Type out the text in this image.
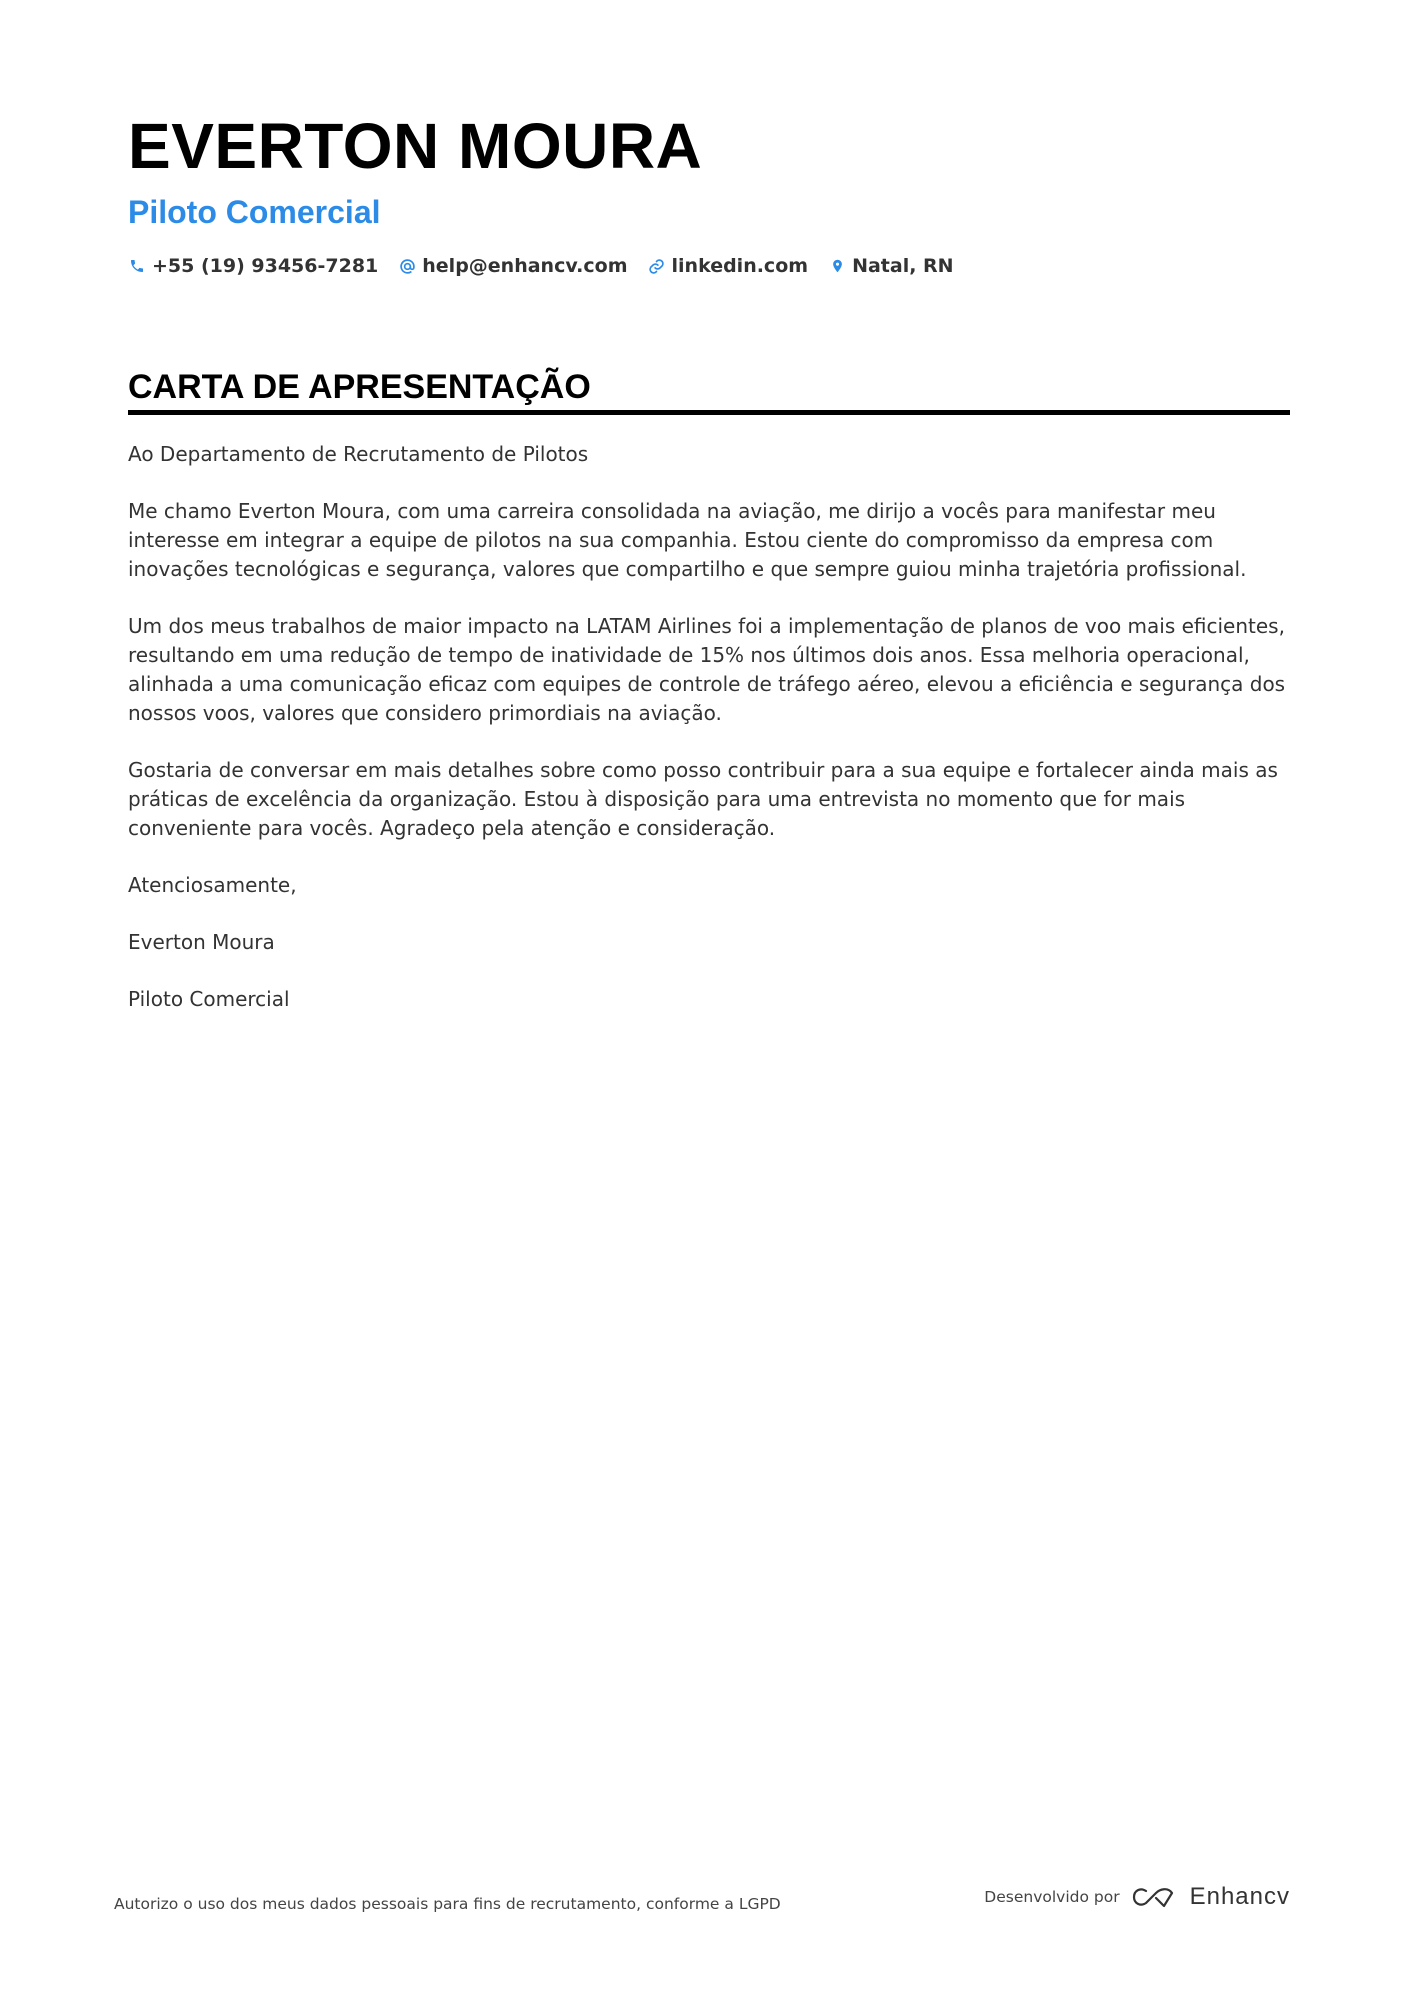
EVERTON MOURA
Piloto Comercial
+55 (19) 93456-7281 help@enhancv.com linkedin.com Natal, RN
CARTA DE APRESENTAÇÃO

Ao Departamento de Recrutamento de Pilotos

Me chamo Everton Moura, com uma carreira consolidada na aviação, me dirijo a vocês para manifestar meu interesse em integrar a equipe de pilotos na sua companhia. Estou ciente do compromisso da empresa com inovações tecnológicas e segurança, valores que compartilho e que sempre guiou minha trajetória profissional.

Um dos meus trabalhos de maior impacto na LATAM Airlines foi a implementação de planos de voo mais eficientes, resultando em uma redução de tempo de inatividade de 15% nos últimos dois anos. Essa melhoria operacional, alinhada a uma comunicação eficaz com equipes de controle de tráfego aéreo, elevou a eficiência e segurança dos nossos voos, valores que considero primordiais na aviação.

Gostaria de conversar em mais detalhes sobre como posso contribuir para a sua equipe e fortalecer ainda mais as práticas de excelência da organização. Estou à disposição para uma entrevista no momento que for mais conveniente para vocês. Agradeço pela atenção e consideração.

Atenciosamente,

Everton Moura

Piloto Comercial

Autorizo o uso dos meus dados pessoais para fins de recrutamento, conforme a LGPD	Desenvolvido por	Enhancv
